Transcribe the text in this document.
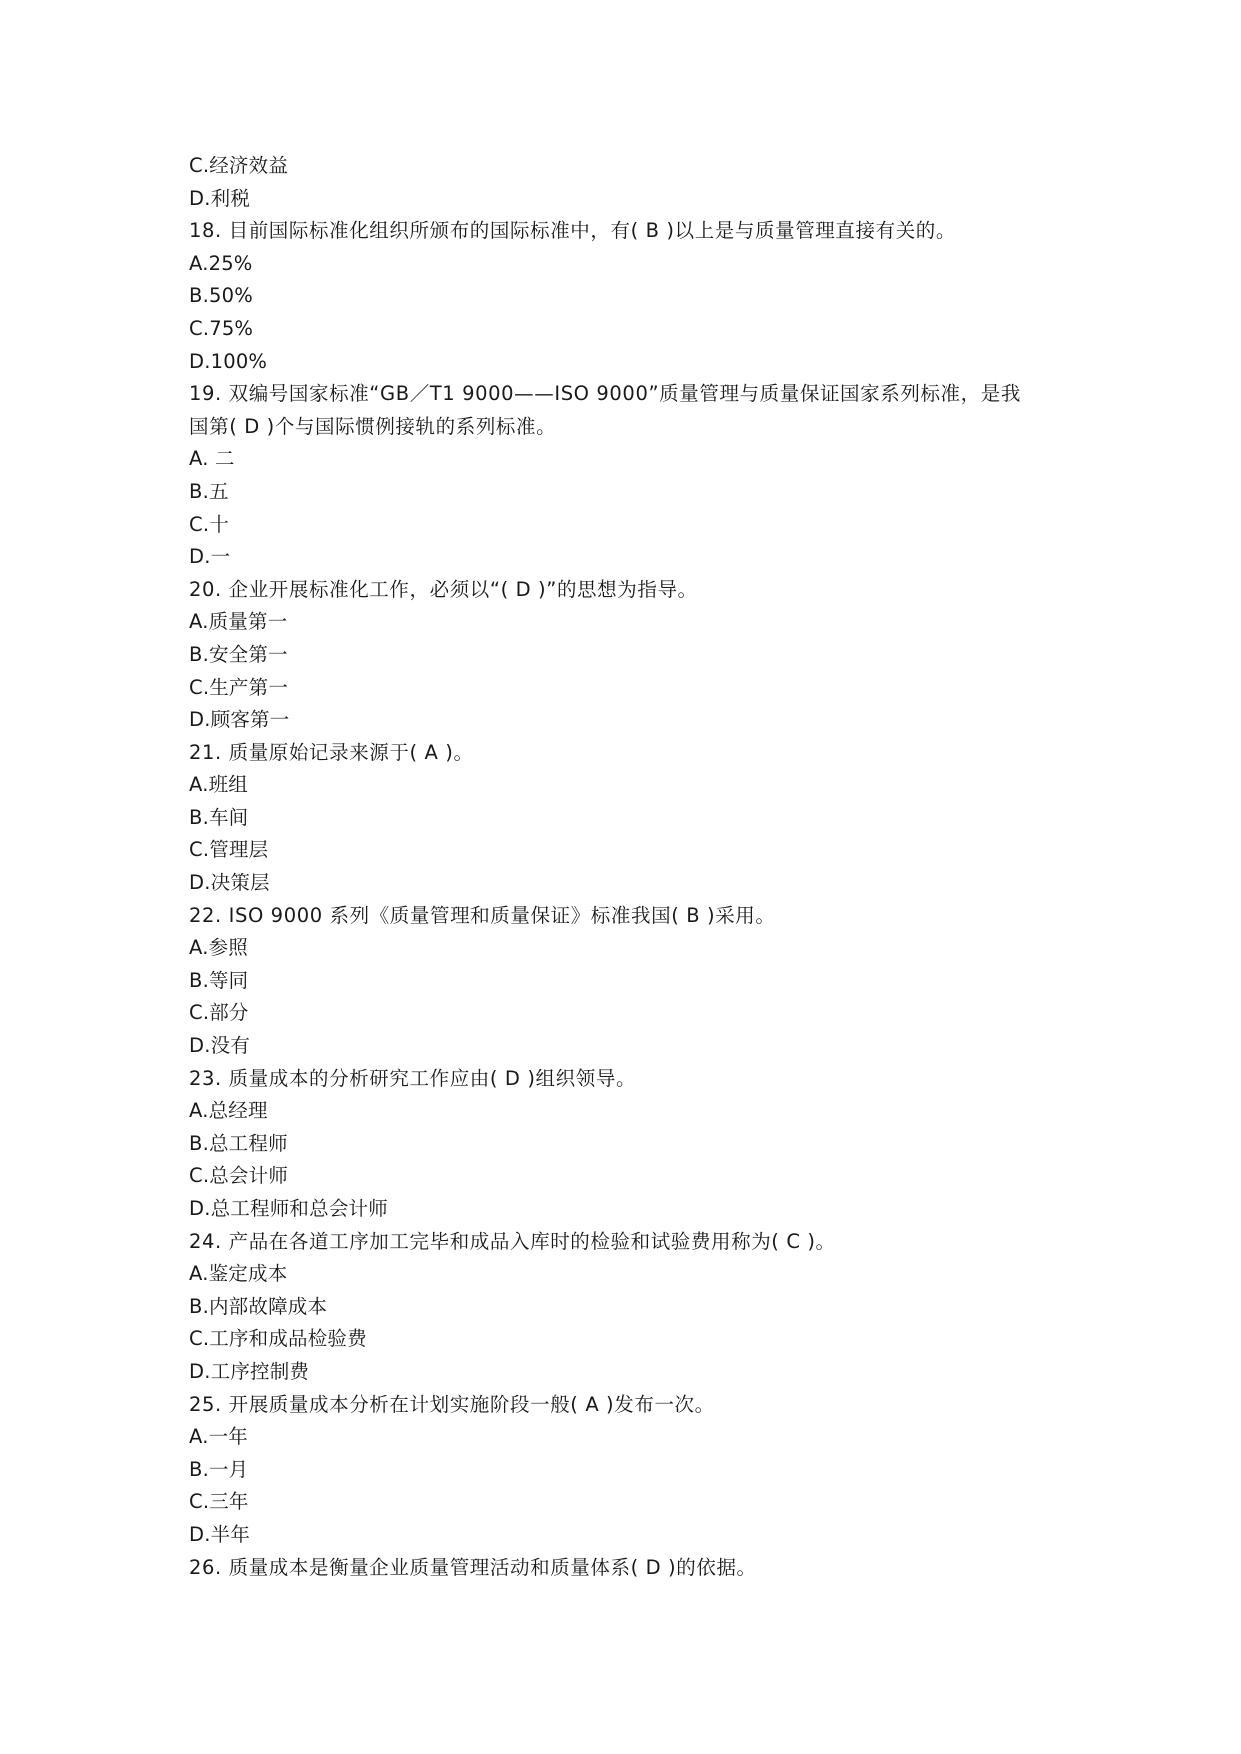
C.经济效益
D.利税
18. 目前国际标准化组织所颁布的国际标准中，有( B )以上是与质量管理直接有关的。
A.25%
B.50%
C.75%
D.100%
19. 双编号国家标准“GB／T1 9000——ISO 9000”质量管理与质量保证国家系列标准，是我
国第( D )个与国际惯例接轨的系列标准。
A. 二
B.五
C.十
D.一
20. 企业开展标准化工作，必须以“( D )”的思想为指导。
A.质量第一
B.安全第一
C.生产第一
D.顾客第一
21. 质量原始记录来源于( A )。
A.班组
B.车间
C.管理层
D.决策层
22. ISO 9000 系列《质量管理和质量保证》标准我国( B )采用。
A.参照
B.等同
C.部分
D.没有
23. 质量成本的分析研究工作应由( D )组织领导。
A.总经理
B.总工程师
C.总会计师
D.总工程师和总会计师
24. 产品在各道工序加工完毕和成品入库时的检验和试验费用称为( C )。
A.鉴定成本
B.内部故障成本
C.工序和成品检验费
D.工序控制费
25. 开展质量成本分析在计划实施阶段一般( A )发布一次。
A.一年
B.一月
C.三年
D.半年
26. 质量成本是衡量企业质量管理活动和质量体系( D )的依据。
